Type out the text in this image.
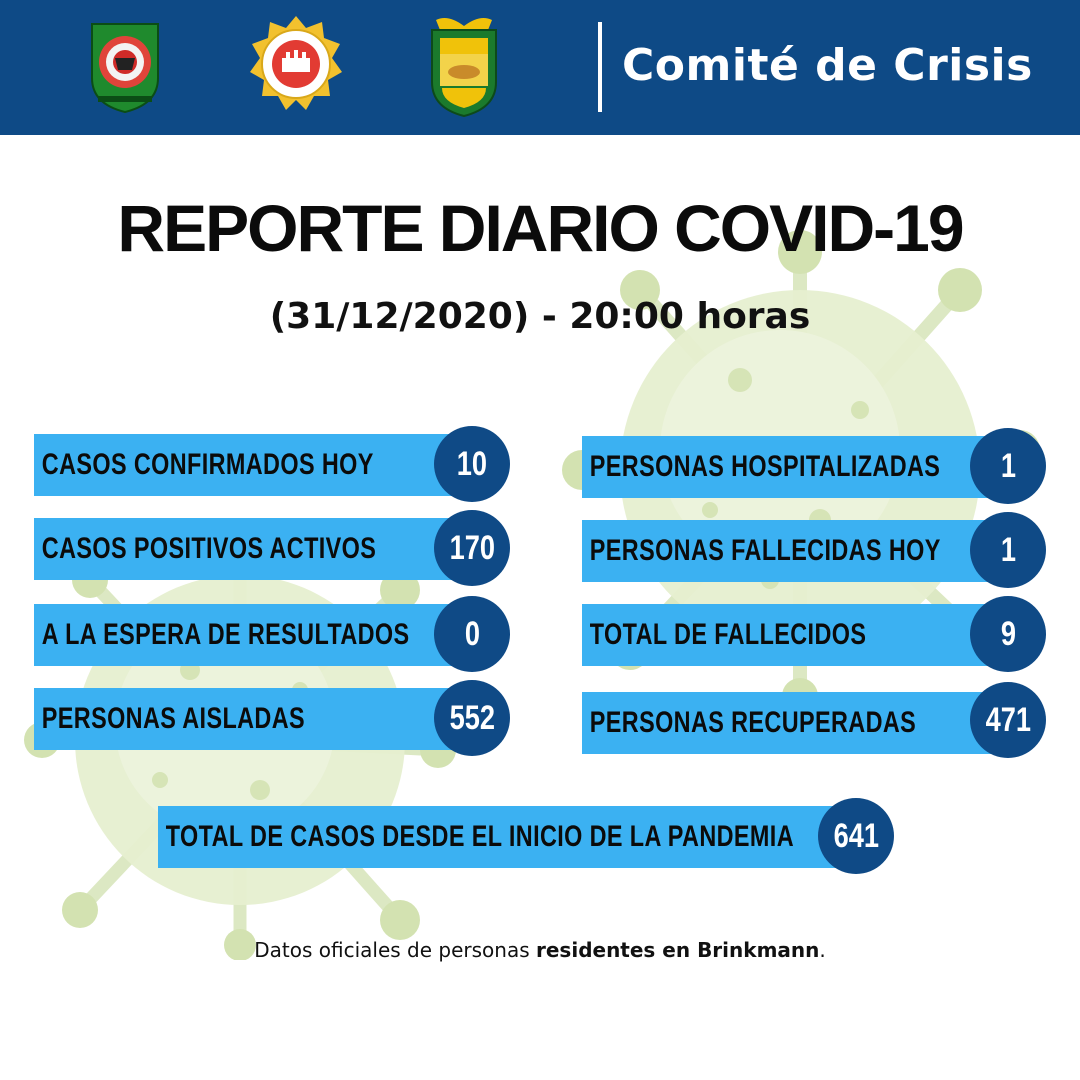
Comité de Crisis
REPORTE DIARIO COVID-19
(31/12/2020) - 20:00 horas
CASOS CONFIRMADOS HOY 10
CASOS POSITIVOS ACTIVOS 170
A LA ESPERA DE RESULTADOS 0
PERSONAS AISLADAS	552
PERSONAS HOSPITALIZADAS 1
PERSONAS FALLECIDAS HOY 1
TOTAL DE FALLECIDOS	9
PERSONAS RECUPERADAS 471
TOTAL DE CASOS DESDE EL INICIO DE LA PANDEMIA 641
Datos oficiales de personas residentes en Brinkmann.
